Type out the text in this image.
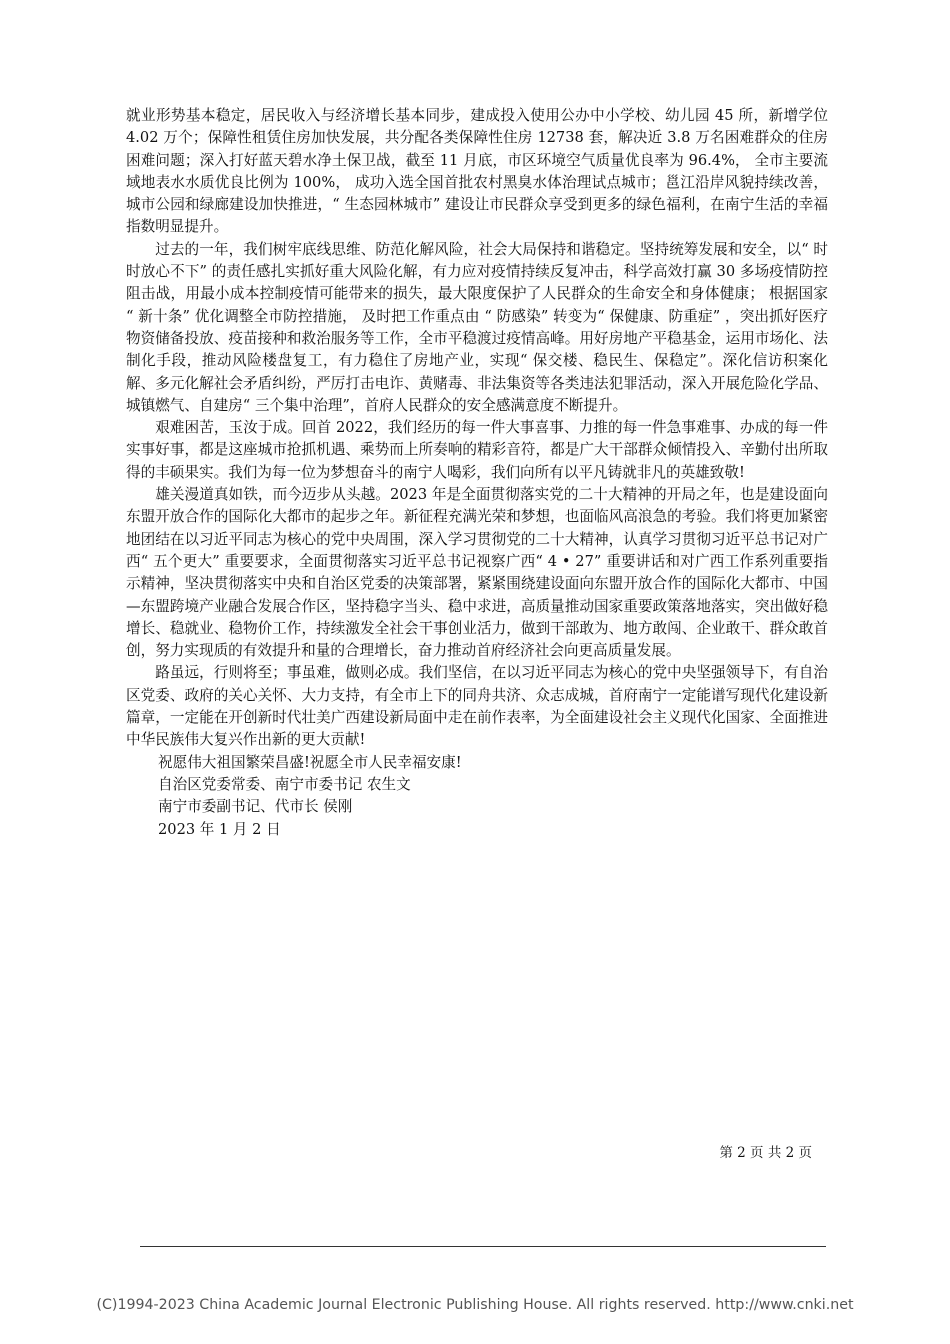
就业形势基本稳定，居民收入与经济增长基本同步，建成投入使用公办中小学校、幼儿园 45 所，新增学位 4.02 万个；保障性租赁住房加快发展，共分配各类保障性住房 12738 套，解决近 3.8 万名困难群众的住房困难问题；深入打好蓝天碧水净土保卫战，截至 11 月底，市区环境空气质量优良率为 96.4%， 全市主要流域地表水水质优良比例为 100%， 成功入选全国首批农村黑臭水体治理试点城市；邕江沿岸风貌持续改善，城市公园和绿廊建设加快推进，“ 生态园林城市” 建设让市民群众享受到更多的绿色福利，在南宁生活的幸福指数明显提升。

过去的一年，我们树牢底线思维、防范化解风险，社会大局保持和谐稳定。坚持统筹发展和安全，以“ 时时放心不下” 的责任感扎实抓好重大风险化解，有力应对疫情持续反复冲击，科学高效打赢 30 多场疫情防控阻击战，用最小成本控制疫情可能带来的损失，最大限度保护了人民群众的生命安全和身体健康； 根据国家 “ 新十条” 优化调整全市防控措施， 及时把工作重点由 “ 防感染” 转变为“ 保健康、防重症” ，突出抓好医疗物资储备投放、疫苗接种和救治服务等工作，全市平稳渡过疫情高峰。用好房地产平稳基金，运用市场化、法制化手段，推动风险楼盘复工，有力稳住了房地产业，实现“ 保交楼、稳民生、保稳定”。深化信访积案化解、多元化解社会矛盾纠纷，严厉打击电诈、黄赌毒、非法集资等各类违法犯罪活动，深入开展危险化学品、城镇燃气、自建房“ 三个集中治理”，首府人民群众的安全感满意度不断提升。

艰难困苦，玉汝于成。回首 2022，我们经历的每一件大事喜事、力推的每一件急事难事、办成的每一件实事好事，都是这座城市抢抓机遇、乘势而上所奏响的精彩音符，都是广大干部群众倾情投入、辛勤付出所取得的丰硕果实。我们为每一位为梦想奋斗的南宁人喝彩，我们向所有以平凡铸就非凡的英雄致敬!

雄关漫道真如铁，而今迈步从头越。2023 年是全面贯彻落实党的二十大精神的开局之年，也是建设面向东盟开放合作的国际化大都市的起步之年。新征程充满光荣和梦想，也面临风高浪急的考验。我们将更加紧密地团结在以习近平同志为核心的党中央周围，深入学习贯彻党的二十大精神，认真学习贯彻习近平总书记对广西“ 五个更大” 重要要求，全面贯彻落实习近平总书记视察广西“ 4 • 27” 重要讲话和对广西工作系列重要指示精神，坚决贯彻落实中央和自治区党委的决策部署，紧紧围绕建设面向东盟开放合作的国际化大都市、中国—东盟跨境产业融合发展合作区，坚持稳字当头、稳中求进，高质量推动国家重要政策落地落实，突出做好稳增长、稳就业、稳物价工作，持续激发全社会干事创业活力，做到干部敢为、地方敢闯、企业敢干、群众敢首创，努力实现质的有效提升和量的合理增长，奋力推动首府经济社会向更高质量发展。

路虽远，行则将至；事虽难，做则必成。我们坚信，在以习近平同志为核心的党中央坚强领导下，有自治区党委、政府的关心关怀、大力支持，有全市上下的同舟共济、众志成城，首府南宁一定能谱写现代化建设新篇章，一定能在开创新时代壮美广西建设新局面中走在前作表率，为全面建设社会主义现代化国家、全面推进中华民族伟大复兴作出新的更大贡献!

祝愿伟大祖国繁荣昌盛!祝愿全市人民幸福安康!

自治区党委常委、南宁市委书记 农生文

南宁市委副书记、代市长 侯刚

2023 年 1 月 2 日

第 2 页 共 2 页
(C)1994-2023 China Academic Journal Electronic Publishing House. All rights reserved. http://www.cnki.net
